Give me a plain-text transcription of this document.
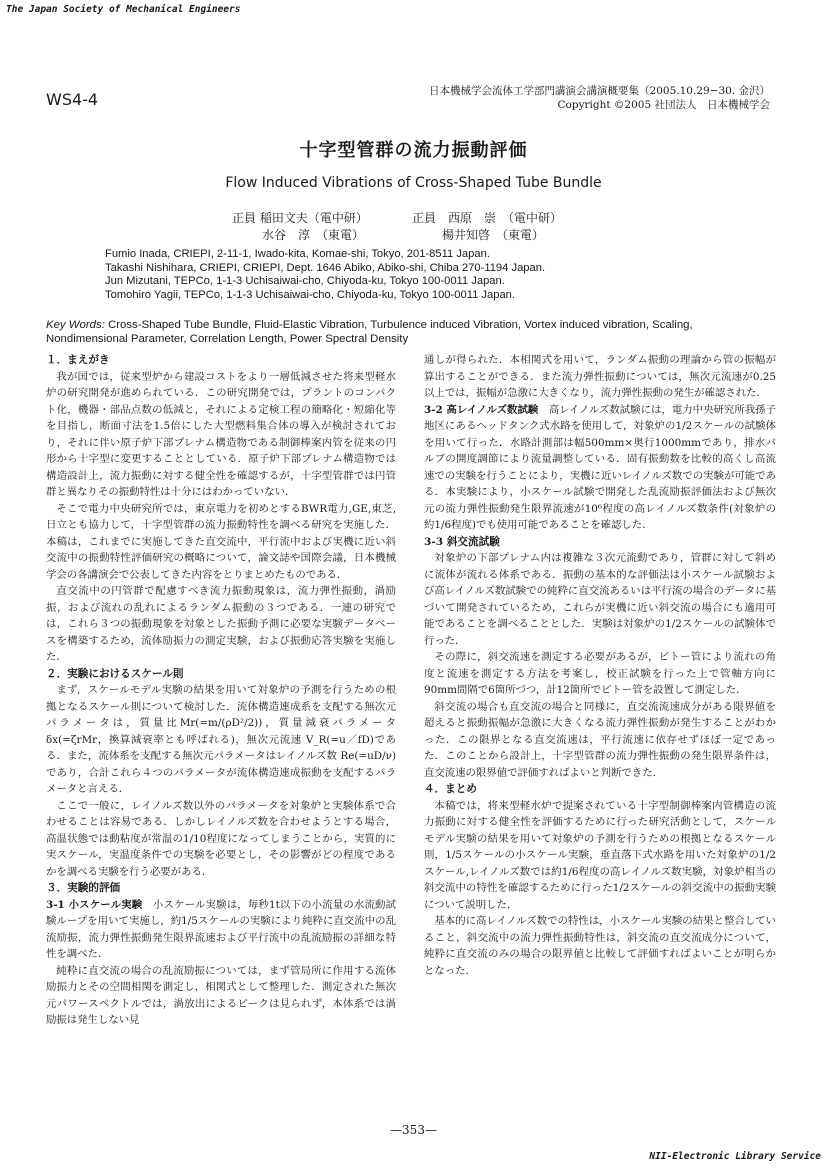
The Japan Society of Mechanical Engineers
WS4-4	日本機械学会流体工学部門講演会講演概要集（2005.10.29−30. 金沢）
Copyright ©2005 社団法人　日本機械学会
十字型管群の流力振動評価
Flow Induced Vibrations of Cross-Shaped Tube Bundle
正員 稲田文夫（電中研）	正員　西原　崇　（電中研）
水谷　淳　（東電）	楊井知啓　（東電）
Fumio Inada, CRIEPI, 2-11-1, Iwado-kita, Komae-shi, Tokyo, 201-8511 Japan.
Takashi Nishihara, CRIEPI, CRIEPI, Dept. 1646 Abiko, Abiko-shi, Chiba 270-1194 Japan.
Jun Mizutani, TEPCo, 1-1-3 Uchisaiwai-cho, Chiyoda-ku, Tokyo 100-0011 Japan.
Tomohiro Yagii, TEPCo, 1-1-3 Uchisaiwai-cho, Chiyoda-ku, Tokyo 100-0011 Japan.
Key Words: Cross-Shaped Tube Bundle, Fluid-Elastic Vibration, Turbulence induced Vibration, Vortex induced vibration, Scaling, Nondimensional Parameter, Correlation Length, Power Spectral Density
１．まえがき

我が国では，従来型炉から建設コストをより一層低減させた将来型軽水炉の研究開発が進められている．この研究開発では，プラントのコンパクト化，機器・部品点数の低減と，それによる定検工程の簡略化・短縮化等を目指し，断面寸法を1.5倍にした大型燃料集合体の導入が検討されており，それに伴い原子炉下部プレナム構造物である制御棒案内管を従来の円形から十字型に変更することとしている．原子炉下部プレナム構造物では構造設計上，流力振動に対する健全性を確認するが，十字型管群では円管群と異なりその振動特性は十分にはわかっていない．

そこで電力中央研究所では，東京電力を初めとするBWR電力,GE,東芝,日立とも協力して，十字型管群の流力振動特性を調べる研究を実施した．本稿は，これまでに実施してきた直交流中，平行流中および実機に近い斜交流中の振動特性評価研究の概略について，論文誌や国際会議，日本機械学会の各講演会で公表してきた内容をとりまとめたものである．

直交流中の円管群で配慮すべき流力振動現象は，流力弾性振動，渦励振，および流れの乱れによるランダム振動の３つである．一連の研究では，これら３つの振動現象を対象とした振動予測に必要な実験データベースを構築するため，流体励振力の測定実験，および振動応答実験を実施した．

２．実験におけるスケール則

まず，スケールモデル実験の結果を用いて対象炉の予測を行うための根拠となるスケール則について検討した．流体構造連成系を支配する無次元パラメータは，質量比Mr(=m/(ρD²/2))，質量減衰パラメータδx(=ζrMr，換算減衰率とも呼ばれる)，無次元流速 V_R(=u／fD)である．また，流体系を支配する無次元パラメータはレイノルズ数 Re(=uD/ν)であり，合計これら４つのパラメータが流体構造連成振動を支配するパラメータと言える．

ここで一般に，レイノルズ数以外のパラメータを対象炉と実験体系で合わせることは容易である．しかしレイノルズ数を合わせようとする場合，高温状態では動粘度が常温の1/10程度になってしまうことから，実質的に実スケール，実温度条件での実験を必要とし，その影響がどの程度であるかを調べる実験を行う必要がある．

３．実験的評価

3-1 小スケール実験　 小スケール実験は，毎秒1t以下の小流量の水流動試験ループを用いて実施し，約1/5スケールの実験により純粋に直交流中の乱流励振，流力弾性振動発生限界流速および平行流中の乱流励振の詳細な特性を調べた．

純粋に直交流の場合の乱流励振については，まず管局所に作用する流体励振力とその空間相関を測定し，相関式として整理した．測定された無次元パワースペクトルでは，渦放出によるピークは見られず，本体系では渦励振は発生しない見

通しが得られた．本相関式を用いて，ランダム振動の理論から管の振幅が算出することができる．また流力弾性振動については，無次元流速が0.25以上では，振幅が急激に大きくなり，流力弾性振動の発生が確認された．

3-2 高レイノルズ数試験　 高レイノルズ数試験には，電力中央研究所我孫子地区にあるヘッドタンク式水路を使用して，対象炉の1/2スケールの試験体を用いて行った．水路計測部は幅500mm×奥行1000mmであり，排水バルブの開度調節により流量調整している．固有振動数を比較的高くし高流速での実験を行うことにより，実機に近いレイノルズ数での実験が可能である．本実験により，小スケール試験で開発した乱流励振評価法および無次元の流力弾性振動発生限界流速が10⁶程度の高レイノルズ数条件(対象炉の約1/6程度)でも使用可能であることを確認した．

3-3 斜交流試験

対象炉の下部プレナム内は複雑な３次元流動であり，管群に対して斜めに流体が流れる体系である．振動の基本的な評価法は小スケール試験および高レイノルズ数試験での純粋に直交流あるいは平行流の場合のデータに基づいて開発されているため，これらが実機に近い斜交流の場合にも適用可能であることを調べることとした．実験は対象炉の1/2スケールの試験体で行った．

その際に，斜交流速を測定する必要があるが，ピトー管により流れの角度と流速を測定する方法を考案し，校正試験を行った上で管軸方向に90mm間隔で6箇所づつ，計12箇所でピトー管を設置して測定した．

斜交流の場合も直交流の場合と同様に，直交流流速成分がある限界値を超えると振動振幅が急激に大きくなる流力弾性振動が発生することがわかった．この限界となる直交流速は，平行流速に依存せずほぼ一定であった．このことから設計上，十字型管群の流力弾性振動の発生限界条件は，直交流速の限界値で評価すればよいと判断できた．

４．まとめ

本稿では，将来型軽水炉で提案されている十字型制御棒案内管構造の流力振動に対する健全性を評価するために行った研究活動として，スケールモデル実験の結果を用いて対象炉の予測を行うための根拠となるスケール則，1/5スケールの小スケール実験，垂直落下式水路を用いた対象炉の1/2スケール,レイノルズ数では約1/6程度の高レイノルズ数実験，対象炉相当の斜交流中の特性を確認するために行った1/2スケールの斜交流中の振動実験について説明した．

基本的に高レイノルズ数での特性は，小スケール実験の結果と整合していること，斜交流中の流力弾性振動特性は，斜交流の直交流成分について，純粋に直交流のみの場合の限界値と比較して評価すればよいことが明らかとなった．

—353—
NII-Electronic Library Service
